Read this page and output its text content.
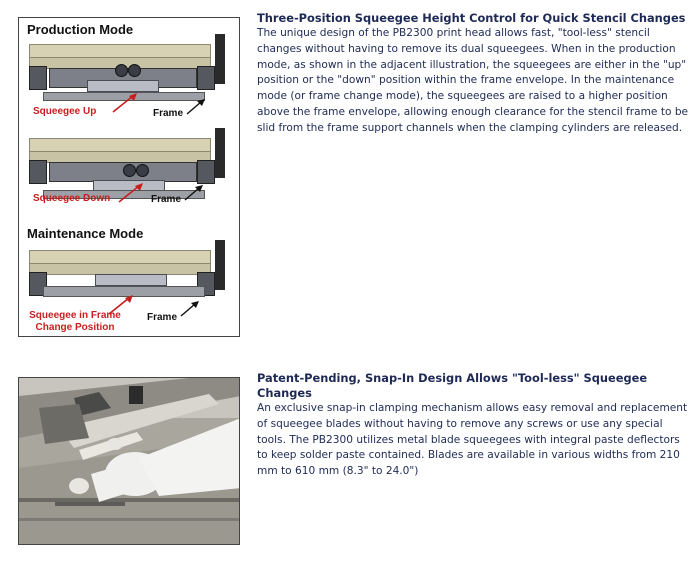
Production Mode
Squeegee Up	Frame
Squeegee Down	Frame
Maintenance Mode
Squeegee in Frame
Change Position
Frame
Three-Position Squeegee Height Control for Quick Stencil Changes

The unique design of the PB2300 print head allows fast, "tool-less" stencil changes without having to remove its dual squeegees. When in the production mode, as shown in the adjacent illustration, the squeegees are either in the "up" position or the "down" position within the frame envelope. In the maintenance mode (or frame change mode), the squeegees are raised to a higher position above the frame envelope, allowing enough clearance for the stencil frame to be slid from the frame support channels when the clamping cylinders are released.

Patent-Pending, Snap-In Design Allows "Tool-less" Squeegee Changes

An exclusive snap-in clamping mechanism allows easy removal and replacement of squeegee blades without having to remove any screws or use any special tools. The PB2300 utilizes metal blade squeegees with integral paste deflectors to keep solder paste contained. Blades are available in various widths from 210 mm to 610 mm (8.3" to 24.0")
